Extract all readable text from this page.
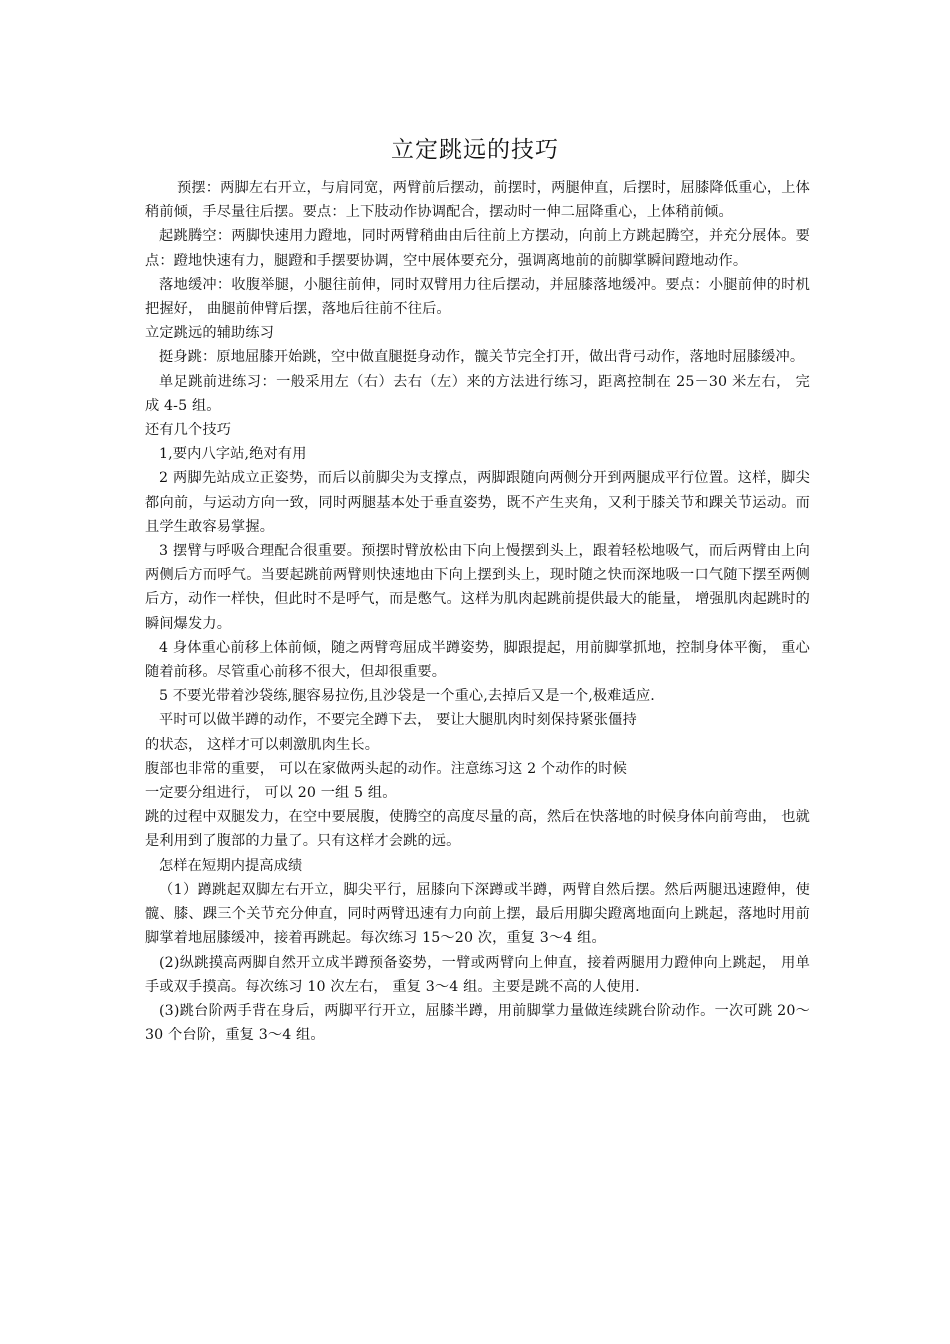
立定跳远的技巧

预摆：两脚左右开立，与肩同宽，两臂前后摆动，前摆时，两腿伸直，后摆时，屈膝降低重心，上体稍前倾，手尽量往后摆。要点：上下肢动作协调配合，摆动时一伸二屈降重心，上体稍前倾。

起跳腾空：两脚快速用力蹬地，同时两臂稍曲由后往前上方摆动，向前上方跳起腾空，并充分展体。要点：蹬地快速有力，腿蹬和手摆要协调，空中展体要充分，强调离地前的前脚掌瞬间蹬地动作。

落地缓冲：收腹举腿，小腿往前伸，同时双臂用力往后摆动，并屈膝落地缓冲。要点：小腿前伸的时机把握好， 曲腿前伸臂后摆，落地后往前不往后。

立定跳远的辅助练习

挺身跳：原地屈膝开始跳，空中做直腿挺身动作，髋关节完全打开，做出背弓动作，落地时屈膝缓冲。

单足跳前进练习：一般采用左（右）去右（左）来的方法进行练习，距离控制在 25－30 米左右， 完成 4-5 组。

还有几个技巧

1,要内八字站,绝对有用

2 两脚先站成立正姿势，而后以前脚尖为支撑点，两脚跟随向两侧分开到两腿成平行位置。这样，脚尖都向前，与运动方向一致，同时两腿基本处于垂直姿势，既不产生夹角，又利于膝关节和踝关节运动。而且学生敢容易掌握。

3 摆臂与呼吸合理配合很重要。预摆时臂放松由下向上慢摆到头上，跟着轻松地吸气，而后两臂由上向两侧后方而呼气。当要起跳前两臂则快速地由下向上摆到头上，现时随之快而深地吸一口气随下摆至两侧后方，动作一样快，但此时不是呼气，而是憋气。这样为肌肉起跳前提供最大的能量， 增强肌肉起跳时的瞬间爆发力。

4 身体重心前移上体前倾，随之两臂弯屈成半蹲姿势，脚跟提起，用前脚掌抓地，控制身体平衡， 重心随着前移。尽管重心前移不很大，但却很重要。

5 不要光带着沙袋练,腿容易拉伤,且沙袋是一个重心,去掉后又是一个,极难适应.

平时可以做半蹲的动作，不要完全蹲下去， 要让大腿肌肉时刻保持紧张僵持

的状态， 这样才可以刺激肌肉生长。

腹部也非常的重要， 可以在家做两头起的动作。注意练习这 2 个动作的时候

一定要分组进行， 可以 20 一组 5 组。

跳的过程中双腿发力，在空中要展腹，使腾空的高度尽量的高，然后在快落地的时候身体向前弯曲， 也就是利用到了腹部的力量了。只有这样才会跳的远。

怎样在短期内提高成绩

（1）蹲跳起双脚左右开立，脚尖平行，屈膝向下深蹲或半蹲，两臂自然后摆。然后两腿迅速蹬伸，使髋、膝、踝三个关节充分伸直，同时两臂迅速有力向前上摆，最后用脚尖蹬离地面向上跳起，落地时用前脚掌着地屈膝缓冲，接着再跳起。每次练习 15～20 次，重复 3～4 组。

(2)纵跳摸高两脚自然开立成半蹲预备姿势，一臂或两臂向上伸直，接着两腿用力蹬伸向上跳起， 用单手或双手摸高。每次练习 10 次左右， 重复 3～4 组。主要是跳不高的人使用.

(3)跳台阶两手背在身后，两脚平行开立，屈膝半蹲，用前脚掌力量做连续跳台阶动作。一次可跳 20～30 个台阶，重复 3～4 组。
